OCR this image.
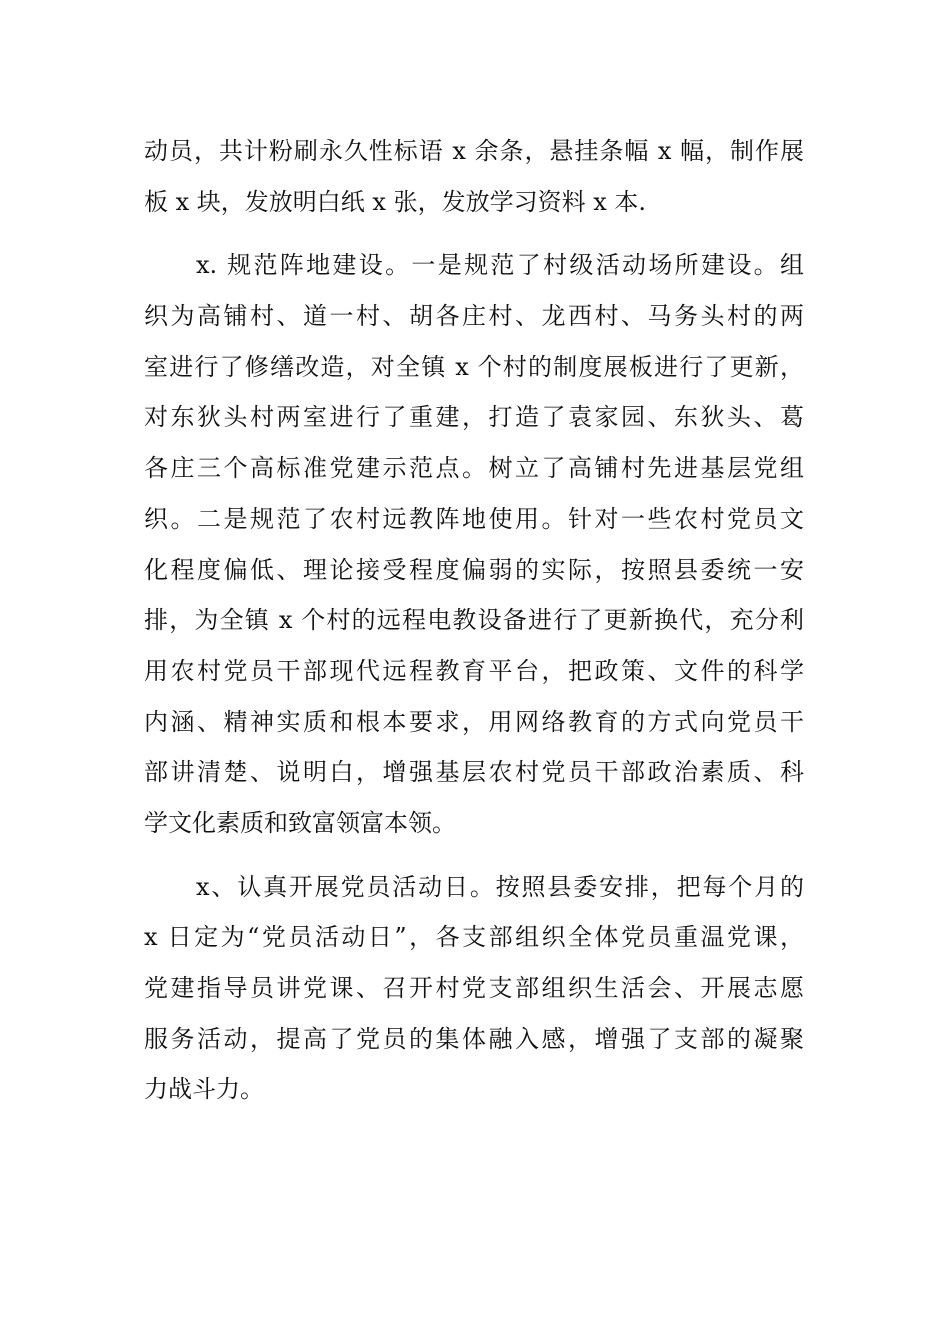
动员，共计粉刷永久性标语 x 余条，悬挂条幅 x 幅，制作展
板 x 块，发放明白纸 x 张，发放学习资料 x 本.
x. 规范阵地建设。一是规范了村级活动场所建设。组
织为高铺村、道一村、胡各庄村、龙西村、马务头村的两
室进行了修缮改造，对全镇 x 个村的制度展板进行了更新，
对东狄头村两室进行了重建，打造了袁家园、东狄头、葛
各庄三个高标准党建示范点。树立了高铺村先进基层党组
织。二是规范了农村远教阵地使用。针对一些农村党员文
化程度偏低、理论接受程度偏弱的实际，按照县委统一安
排，为全镇 x 个村的远程电教设备进行了更新换代，充分利
用农村党员干部现代远程教育平台，把政策、文件的科学
内涵、精神实质和根本要求，用网络教育的方式向党员干
部讲清楚、说明白，增强基层农村党员干部政治素质、科
学文化素质和致富领富本领。
x、认真开展党员活动日。按照县委安排，把每个月的
x 日定为“党员活动日”，各支部组织全体党员重温党课，
党建指导员讲党课、召开村党支部组织生活会、开展志愿
服务活动，提高了党员的集体融入感，增强了支部的凝聚
力战斗力。
